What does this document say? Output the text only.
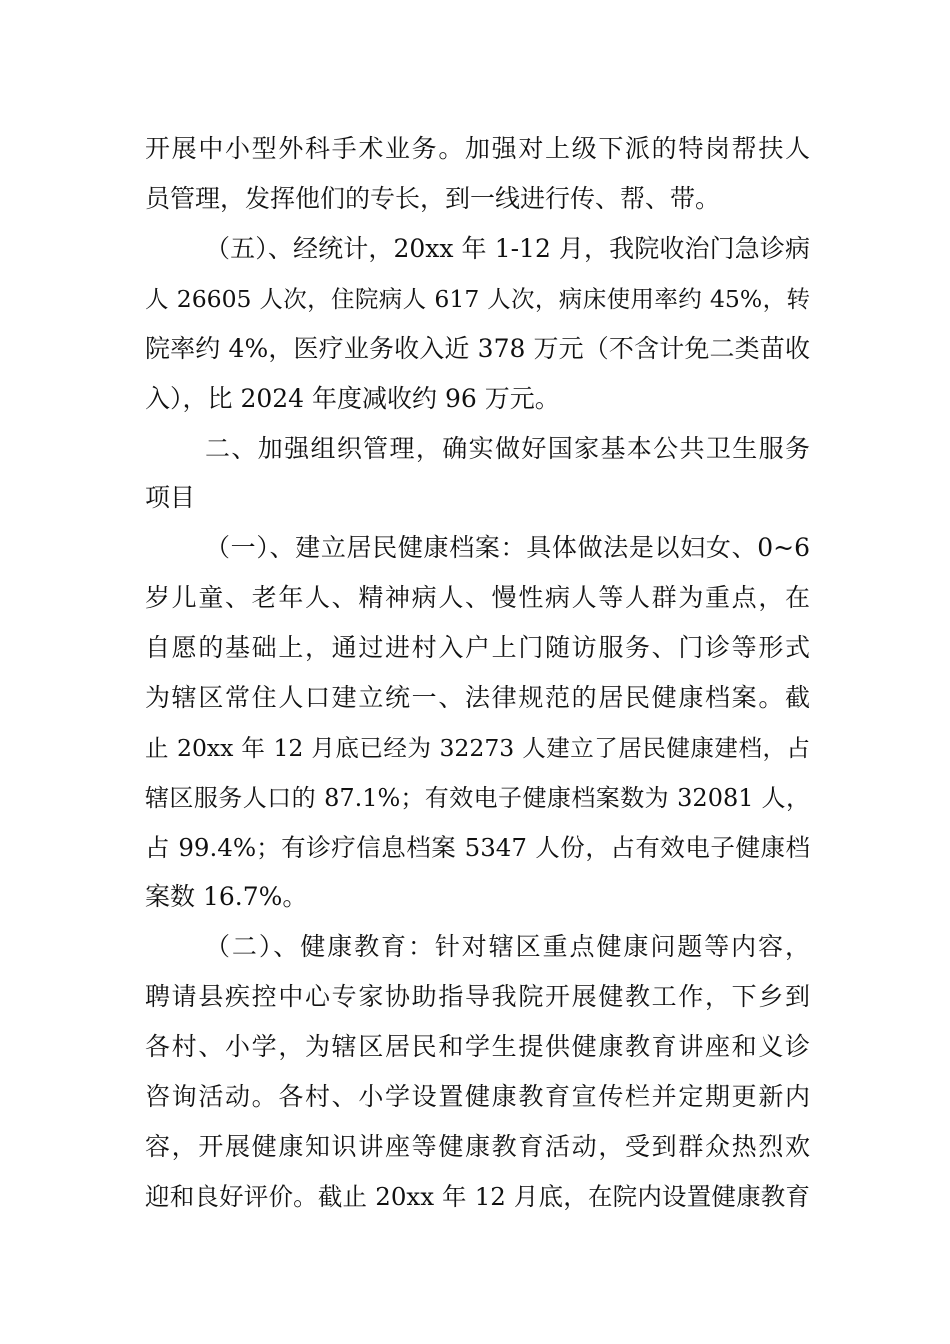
开展中小型外科手术业务。加强对上级下派的特岗帮扶人
员管理，发挥他们的专长，到一线进行传、帮、带。
（五）、经统计，20xx 年 1-12 月，我院收治门急诊病
人 26605 人次，住院病人 617 人次，病床使用率约 45%，转
院率约 4%，医疗业务收入近 378 万元（不含计免二类苗收
入），比 2024 年度减收约 96 万元。
二、加强组织管理，确实做好国家基本公共卫生服务
项目
（一）、建立居民健康档案：具体做法是以妇女、0~6
岁儿童、老年人、精神病人、慢性病人等人群为重点，在
自愿的基础上，通过进村入户上门随访服务、门诊等形式
为辖区常住人口建立统一、法律规范的居民健康档案。截
止 20xx 年 12 月底已经为 32273 人建立了居民健康建档，占
辖区服务人口的 87.1%；有效电子健康档案数为 32081 人，
占 99.4%；有诊疗信息档案 5347 人份，占有效电子健康档
案数 16.7%。
（二）、健康教育：针对辖区重点健康问题等内容，
聘请县疾控中心专家协助指导我院开展健教工作，下乡到
各村、小学，为辖区居民和学生提供健康教育讲座和义诊
咨询活动。各村、小学设置健康教育宣传栏并定期更新内
容，开展健康知识讲座等健康教育活动，受到群众热烈欢
迎和良好评价。截止 20xx 年 12 月底，在院内设置健康教育
